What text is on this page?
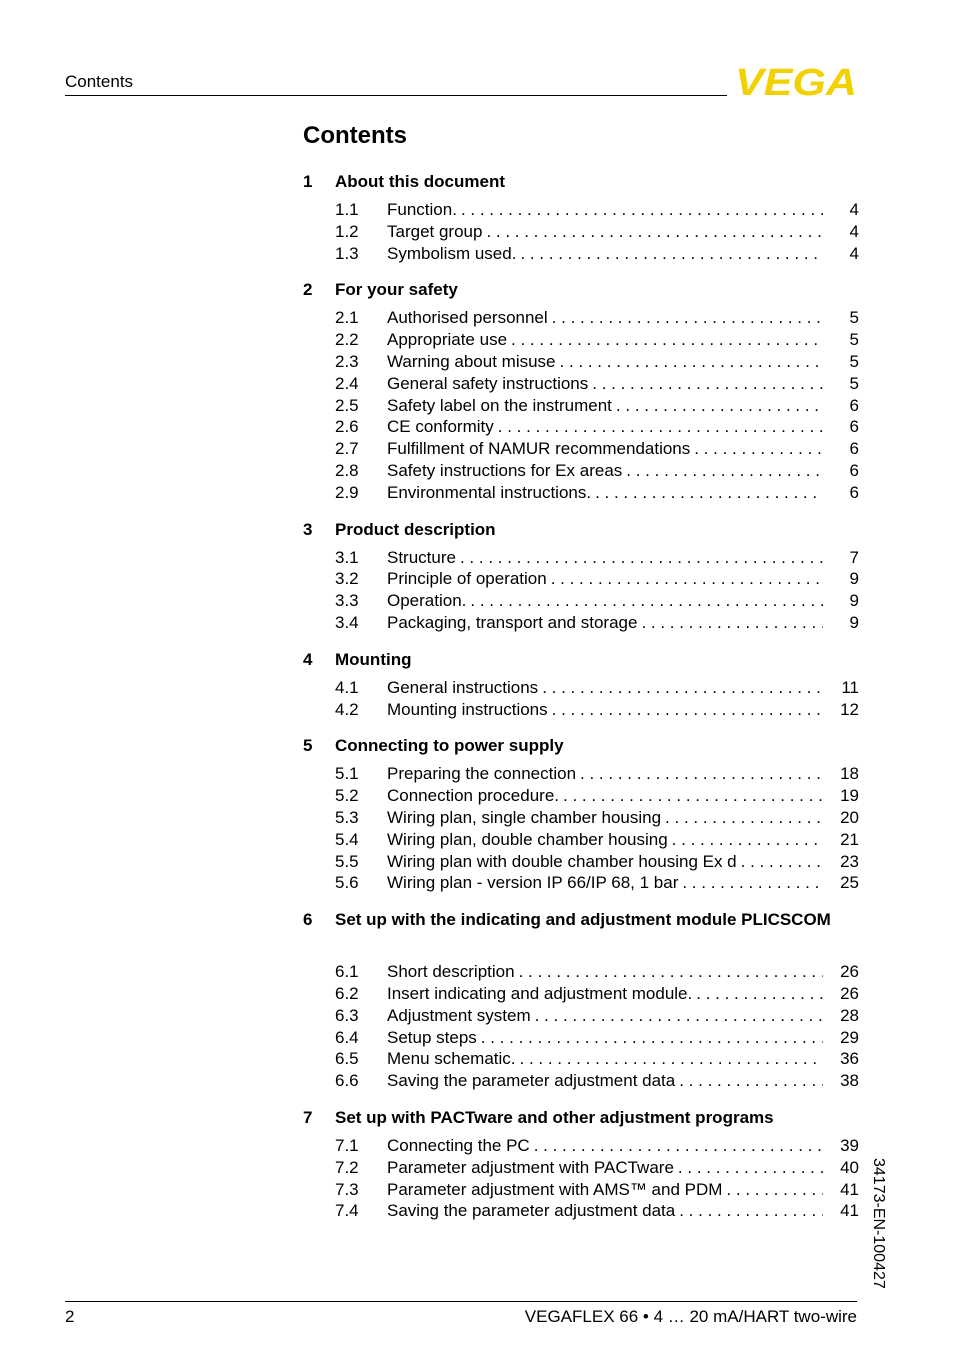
Contents	VEGA
Contents
1	About this document
1.1	Function. . . .	4
1.2	Target group . . .	4
1.3	Symbolism used. . . .	4
2	For your safety
2.1	Authorised personnel . . .	5
2.2	Appropriate use . . .	5
2.3	Warning about misuse . . .	5
2.4	General safety instructions . . .	5
2.5	Safety label on the instrument . . .	6
2.6	CE conformity . . .	6
2.7	Fulfillment of NAMUR recommendations . . .	6
2.8	Safety instructions for Ex areas . . .	6
2.9	Environmental instructions. . . .	6
3	Product description
3.1	Structure . . .	7
3.2	Principle of operation . . .	9
3.3	Operation. . . .	9
3.4	Packaging, transport and storage . . .	9
4	Mounting
4.1	General instructions . . .	11
4.2	Mounting instructions . . .	12
5	Connecting to power supply
5.1	Preparing the connection . . .	18
5.2	Connection procedure. . . .	19
5.3	Wiring plan, single chamber housing . . .	20
5.4	Wiring plan, double chamber housing . . .	21
5.5	Wiring plan with double chamber housing Ex d . . .	23
5.6	Wiring plan - version IP 66/IP 68, 1 bar . . .	25
6	Set up with the indicating and adjustment module PLICSCOM
6.1	Short description . . .	26
6.2	Insert indicating and adjustment module. . . .	26
6.3	Adjustment system . . .	28
6.4	Setup steps . . .	29
6.5	Menu schematic. . . .	36
6.6	Saving the parameter adjustment data . . .	38
7	Set up with PACTware and other adjustment programs
7.1	Connecting the PC . . .	39
7.2	Parameter adjustment with PACTware . . .	40
7.3	Parameter adjustment with AMS™ and PDM . . .	41
7.4	Saving the parameter adjustment data . . .	41 34173-EN-100427
2	VEGAFLEX 66 • 4 … 20 mA/HART two-wire
